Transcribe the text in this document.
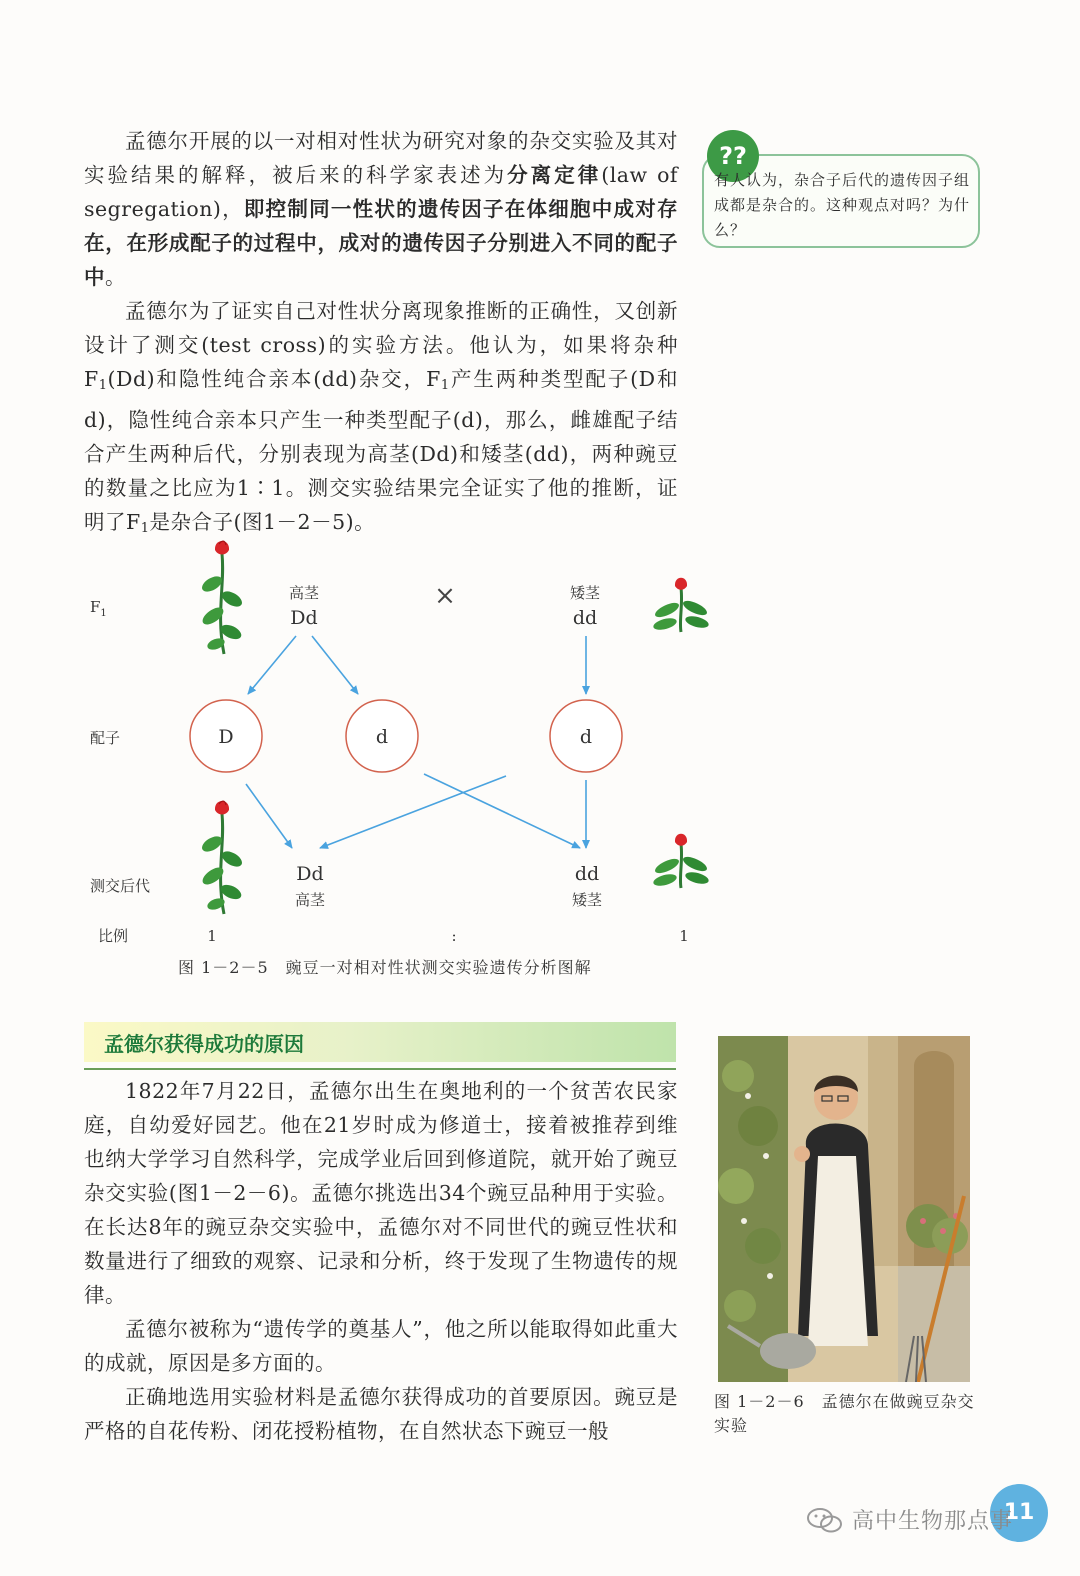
孟德尔开展的以一对相对性状为研究对象的杂交实验及其对实验结果的解释，被后来的科学家表述为分离定律(law of segregation)，即控制同一性状的遗传因子在体细胞中成对存在，在形成配子的过程中，成对的遗传因子分别进入不同的配子中。

孟德尔为了证实自己对性状分离现象推断的正确性，又创新设计了测交(test cross)的实验方法。他认为，如果将杂种$F_1(Dd)$和隐性纯合亲本(dd)杂交，$F_1$产生两种类型配子(D和d)，隐性纯合亲本只产生一种类型配子(d)，那么，雌雄配子结合产生两种后代，分别表现为高茎(Dd)和矮茎(dd)，两种豌豆的数量之比应为1∶1。测交实验结果完全证实了他的推断，证明了$F_1$是杂合子(图1－2－5)。

??
有人认为，杂合子后代的遗传因子组成都是杂合的。这种观点对吗？为什么？
$F_1$
配子
测交后代
比例
高茎
Dd
×	矮茎
dd
D	d	d
Dd
高茎
dd
矮茎
1	:	1
图 1－2－5　豌豆一对相对性状测交实验遗传分析图解
孟德尔获得成功的原因

1822年7月22日，孟德尔出生在奥地利的一个贫苦农民家庭，自幼爱好园艺。他在21岁时成为修道士，接着被推荐到维也纳大学学习自然科学，完成学业后回到修道院，就开始了豌豆杂交实验(图1－2－6)。孟德尔挑选出34个豌豆品种用于实验。在长达8年的豌豆杂交实验中，孟德尔对不同世代的豌豆性状和数量进行了细致的观察、记录和分析，终于发现了生物遗传的规律。

孟德尔被称为“遗传学的奠基人”，他之所以能取得如此重大的成就，原因是多方面的。

正确地选用实验材料是孟德尔获得成功的首要原因。豌豆是严格的自花传粉、闭花授粉植物，在自然状态下豌豆一般

图 1－2－6　孟德尔在做豌豆杂交实验
11
高中生物那点事
